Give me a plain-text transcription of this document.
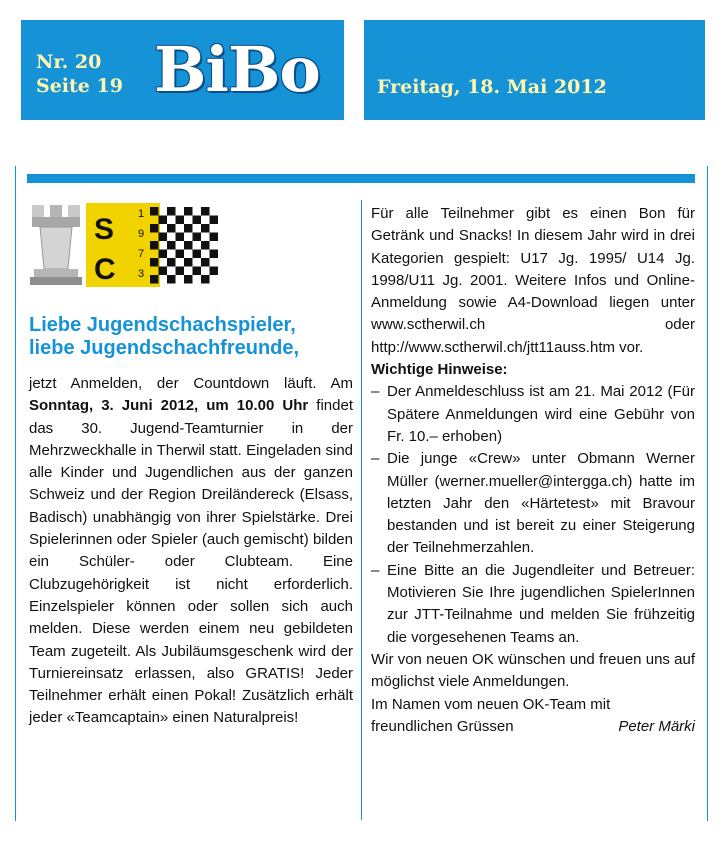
Nr. 20
Seite 19 BiBo	Freitag, 18. Mai 2012
S
C
1
9
7
3
Liebe Jugendschachspieler,
liebe Jugendschachfreunde,

jetzt Anmelden, der Countdown läuft. Am Sonntag, 3. Juni 2012, um 10.00 Uhr findet das 30. Jugend-Teamturnier in der Mehrzweckhalle in Therwil statt. Eingeladen sind alle Kinder und Jugendlichen aus der ganzen Schweiz und der Region Dreiländereck (Elsass, Badisch) unabhängig von ihrer Spielstärke. Drei Spielerinnen oder Spieler (auch gemischt) bilden ein Schüler- oder Clubteam. Eine Clubzugehörigkeit ist nicht erforderlich. Einzelspieler können oder sollen sich auch melden. Diese werden einem neu gebildeten Team zugeteilt. Als Jubiläumsgeschenk wird der Turniereinsatz erlassen, also GRATIS! Jeder Teilnehmer erhält einen Pokal! Zusätzlich erhält jeder «Teamcaptain» einen Naturalpreis!

Für alle Teilnehmer gibt es einen Bon für Getränk und Snacks! In diesem Jahr wird in drei Kategorien gespielt: U17 Jg. 1995/ U14 Jg. 1998/U11 Jg. 2001. Weitere Infos und Online-Anmeldung sowie A4-Download liegen unter www.sctherwil.ch oder http://www.sctherwil.ch/jtt11auss.htm vor.

Wichtige Hinweise:

– Der Anmeldeschluss ist am 21. Mai 2012 (Für Spätere Anmeldungen wird eine Gebühr von Fr. 10.– erhoben)
– Die junge «Crew» unter Obmann Werner Müller (werner.mueller@intergga.ch) hatte im letzten Jahr den «Härtetest» mit Bravour bestanden und ist bereit zu einer Steigerung der Teilnehmerzahlen.
– Eine Bitte an die Jugendleiter und Betreuer: Motivieren Sie Ihre jugendlichen SpielerInnen zur JTT-Teilnahme und melden Sie frühzeitig die vorgesehenen Teams an.

Wir von neuen OK wünschen und freuen uns auf möglichst viele Anmeldungen.

Im Namen vom neuen OK-Team mit

freundlichen Grüssen	Peter Märki
